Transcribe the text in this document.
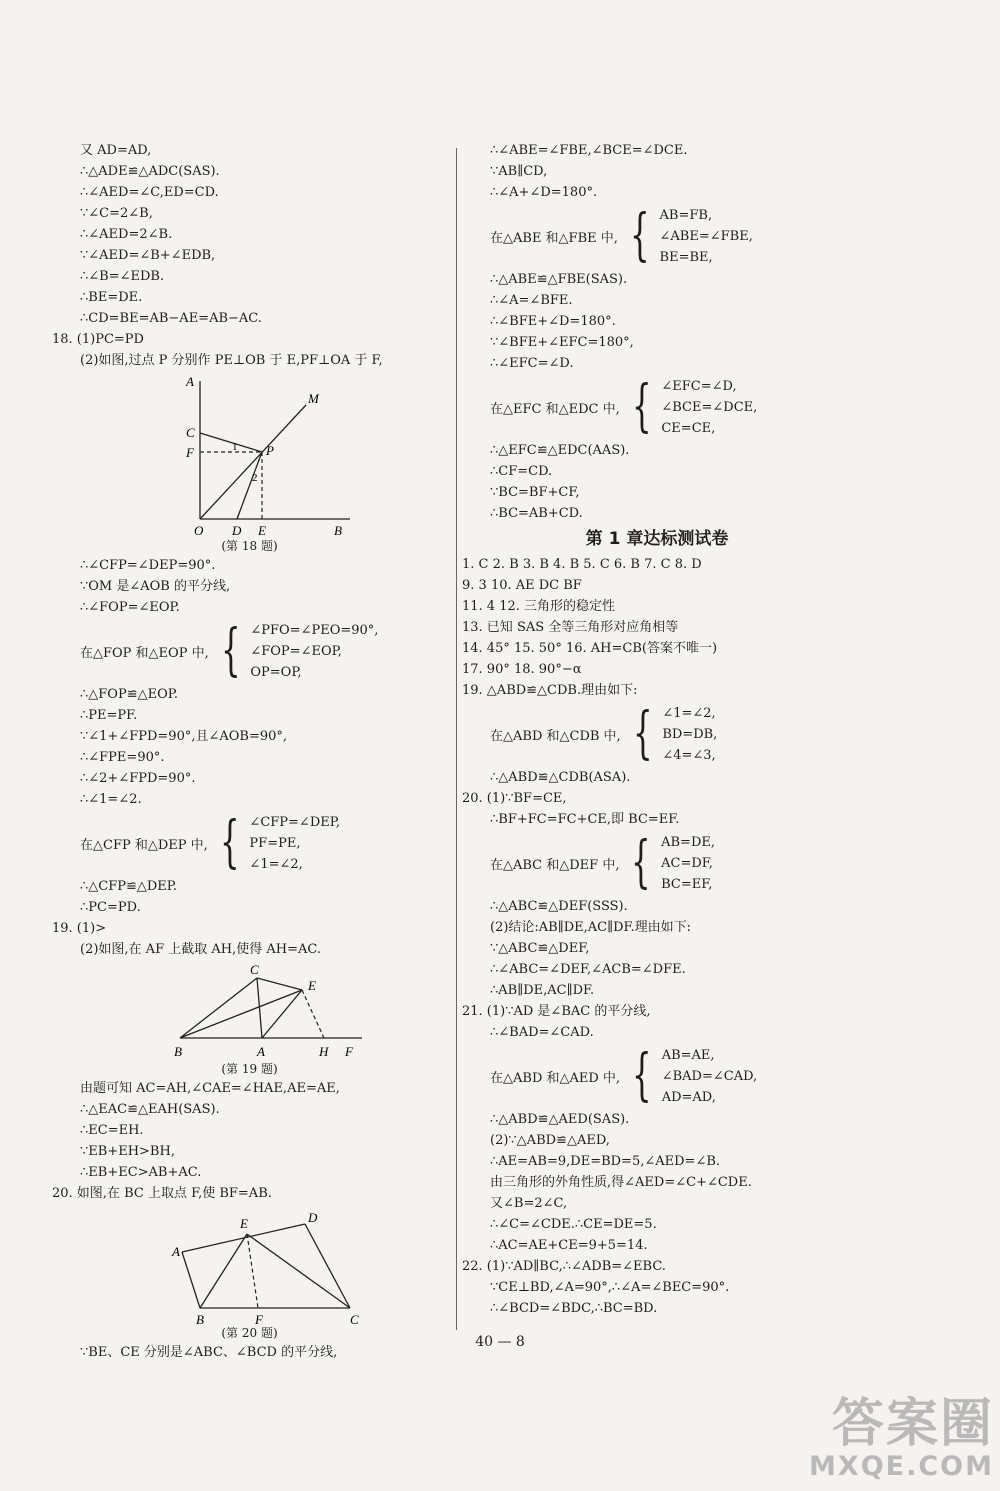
又 AD=AD,
∴△ADE≌△ADC(SAS).
∴∠AED=∠C,ED=CD.
∵∠C=2∠B,
∴∠AED=2∠B.
∵∠AED=∠B+∠EDB,
∴∠B=∠EDB.
∴BE=DE.
∴CD=BE=AB−AE=AB−AC.
18. (1)PC=PD
(2)如图,过点 P 分别作 PE⊥OB 于 E,PF⊥OA 于 F,
A
C
F
O D E	B
M
P
1
2
(第 18 题)
∴∠CFP=∠DEP=90°.
∵OM 是∠AOB 的平分线,
∴∠FOP=∠EOP.
在△FOP 和△EOP 中, { ∠PFO=∠PEO=90°,
∠FOP=∠EOP,
OP=OP,
∴△FOP≌△EOP.
∴PE=PF.
∵∠1+∠FPD=90°,且∠AOB=90°,
∴∠FPE=90°.
∴∠2+∠FPD=90°.
∴∠1=∠2.
在△CFP 和△DEP 中, { ∠CFP=∠DEP,
PF=PE,
∠1=∠2,
∴△CFP≌△DEP.
∴PC=PD.
19. (1)>
(2)如图,在 AF 上截取 AH,使得 AH=AC.
C
E
B	A	H F
(第 19 题)
由题可知 AC=AH,∠CAE=∠HAE,AE=AE,
∴△EAC≌△EAH(SAS).
∴EC=EH.
∵EB+EH>BH,
∴EB+EC>AB+AC.
20. 如图,在 BC 上取点 F,使 BF=AB.
E	D
A
B	F	C
(第 20 题)
∵BE、CE 分别是∠ABC、∠BCD 的平分线,
∴∠ABE=∠FBE,∠BCE=∠DCE.
∵AB∥CD,
∴∠A+∠D=180°.
在△ABE 和△FBE 中, { AB=FB,
∠ABE=∠FBE,
BE=BE,
∴△ABE≌△FBE(SAS).
∴∠A=∠BFE.
∴∠BFE+∠D=180°.
∵∠BFE+∠EFC=180°,
∴∠EFC=∠D.
在△EFC 和△EDC 中, { ∠EFC=∠D,
∠BCE=∠DCE,
CE=CE,
∴△EFC≌△EDC(AAS).
∴CF=CD.
∵BC=BF+CF,
∴BC=AB+CD.
第 1 章达标测试卷
1. C 2. B 3. B 4. B 5. C 6. B 7. C 8. D
9. 3 10. AE DC BF
11. 4 12. 三角形的稳定性
13. 已知 SAS 全等三角形对应角相等
14. 45° 15. 50° 16. AH=CB(答案不唯一)
17. 90° 18. 90°−α
19. △ABD≌△CDB.理由如下:
在△ABD 和△CDB 中, { ∠1=∠2,
BD=DB,
∠4=∠3,
∴△ABD≌△CDB(ASA).
20. (1)∵BF=CE,
∴BF+FC=FC+CE,即 BC=EF.
在△ABC 和△DEF 中, { AB=DE,
AC=DF,
BC=EF,
∴△ABC≌△DEF(SSS).
(2)结论:AB∥DE,AC∥DF.理由如下:
∵△ABC≌△DEF,
∴∠ABC=∠DEF,∠ACB=∠DFE.
∴AB∥DE,AC∥DF.
21. (1)∵AD 是∠BAC 的平分线,
∴∠BAD=∠CAD.
在△ABD 和△AED 中, { AB=AE,
∠BAD=∠CAD,
AD=AD,
∴△ABD≌△AED(SAS).
(2)∵△ABD≌△AED,
∴AE=AB=9,DE=BD=5,∠AED=∠B.
由三角形的外角性质,得∠AED=∠C+∠CDE.
又∠B=2∠C,
∴∠C=∠CDE.∴CE=DE=5.
∴AC=AE+CE=9+5=14.
22. (1)∵AD∥BC,∴∠ADB=∠EBC.
∵CE⊥BD,∠A=90°,∴∠A=∠BEC=90°.
∴∠BCD=∠BDC,∴BC=BD.
40 — 8
答案圈
MXQE.COM
